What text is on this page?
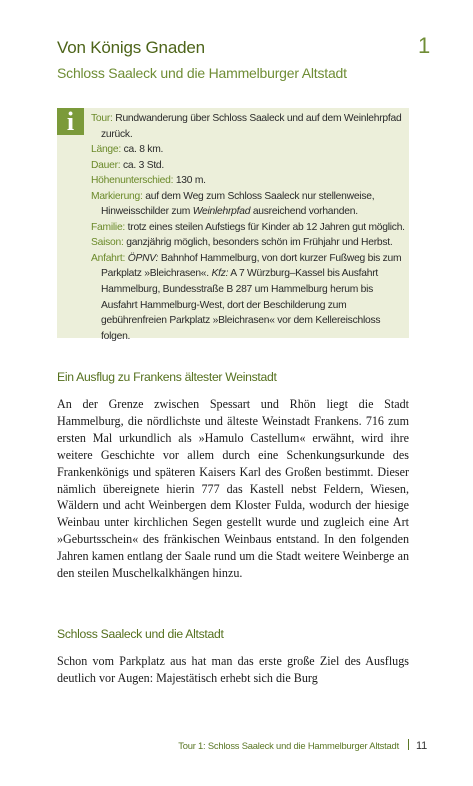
Von Königs Gnaden
Schloss Saaleck und die Hammelburger Altstadt
1
i	Tour: Rundwanderung über Schloss Saaleck und auf dem Weinlehrpfad zurück.

Länge: ca. 8 km.

Dauer: ca. 3 Std.

Höhenunterschied: 130 m.

Markierung: auf dem Weg zum Schloss Saaleck nur stellenweise, Hinweisschilder zum Weinlehrpfad ausreichend vorhanden.

Familie: trotz eines steilen Aufstiegs für Kinder ab 12 Jahren gut möglich.

Saison: ganzjährig möglich, besonders schön im Frühjahr und Herbst.

Anfahrt: ÖPNV: Bahnhof Hammelburg, von dort kurzer Fußweg bis zum Parkplatz »Bleichrasen«. Kfz: A 7 Würzburg–Kassel bis Ausfahrt Hammelburg, Bundesstraße B 287 um Hammelburg herum bis Ausfahrt Hammelburg-West, dort der Beschilderung zum gebührenfreien Parkplatz »Bleichrasen« vor dem Kellereischloss folgen.

Ein Ausflug zu Frankens ältester Weinstadt

An der Grenze zwischen Spessart und Rhön liegt die Stadt Hammelburg, die nördlichste und älteste Weinstadt Frankens. 716 zum ersten Mal urkundlich als »Hamulo Castellum« erwähnt, wird ihre weitere Geschichte vor allem durch eine Schenkungsurkunde des Frankenkönigs und späteren Kaisers Karl des Großen bestimmt. Dieser nämlich übereignete hierin 777 das Kastell nebst Feldern, Wiesen, Wäldern und acht Weinbergen dem Kloster Fulda, wodurch der hiesige Weinbau unter kirchlichen Segen gestellt wurde und zugleich eine Art »Geburtsschein« des fränkischen Weinbaus entstand. In den folgenden Jahren kamen entlang der Saale rund um die Stadt weitere Weinberge an den steilen Muschelkalkhängen hinzu.

Schloss Saaleck und die Altstadt

Schon vom Parkplatz aus hat man das erste große Ziel des Ausflugs deutlich vor Augen: Majestätisch erhebt sich die Burg

Tour 1: Schloss Saaleck und die Hammelburger Altstadt 11
